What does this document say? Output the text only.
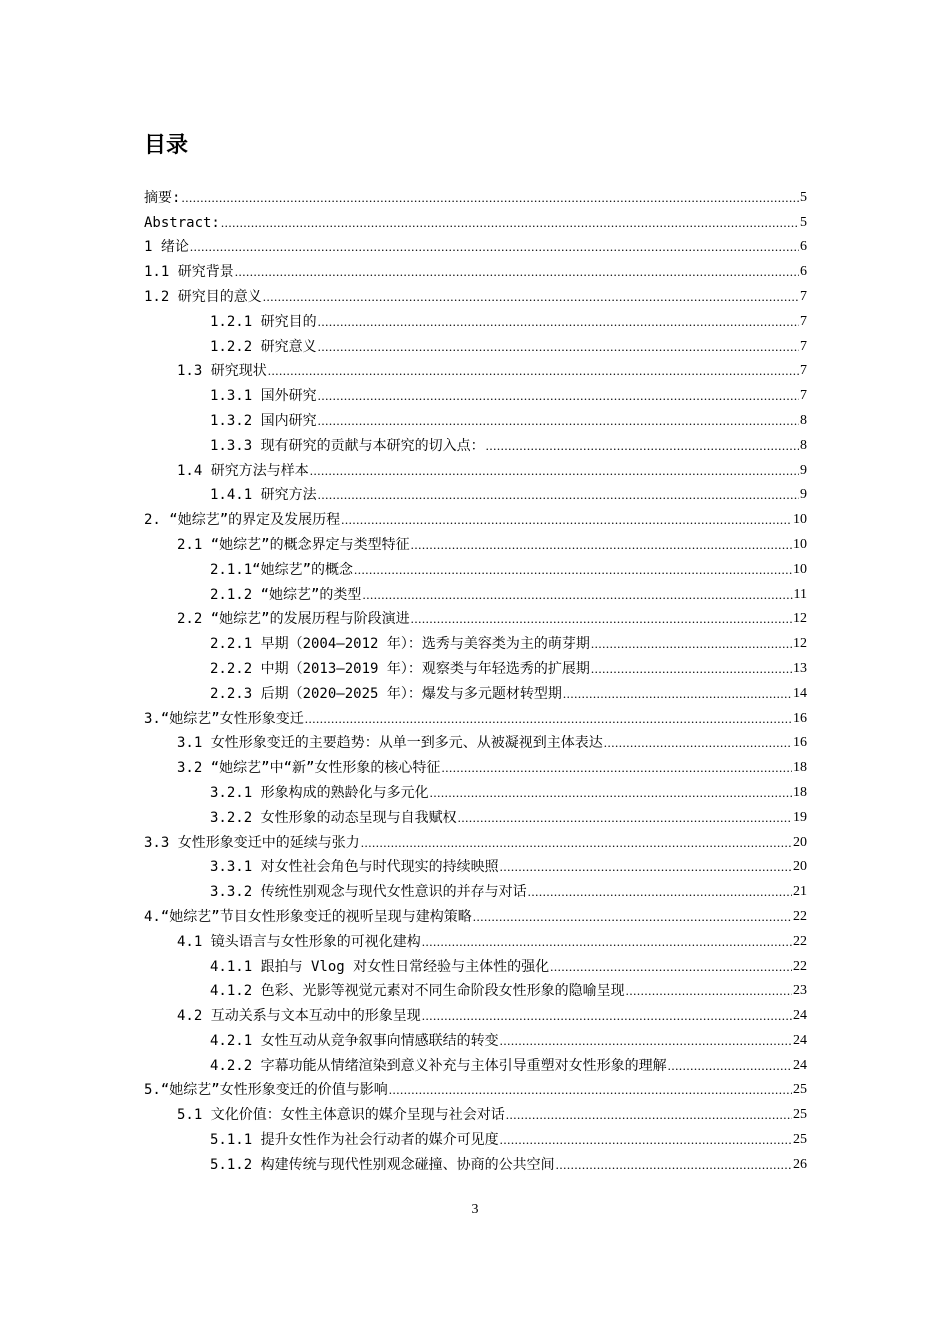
目录
摘要: .....	5
Abstract: .....	5
1 绪论 .....	6
1.1 研究背景 .....	6
1.2 研究目的意义 .....	7
1.2.1 研究目的 .....	7
1.2.2 研究意义 .....	7
1.3 研究现状 .....	7
1.3.1 国外研究 .....	7
1.3.2 国内研究 .....	8
1.3.3 现有研究的贡献与本研究的切入点： .....	8
1.4 研究方法与样本 .....	9
1.4.1 研究方法 .....	9
2. “她综艺”的界定及发展历程 .....	10
2.1 “她综艺”的概念界定与类型特征 .....	10
2.1.1“她综艺”的概念 .....	10
2.1.2 “她综艺”的类型 .....	11
2.2 “她综艺”的发展历程与阶段演进 .....	12
2.2.1 早期（2004—2012 年）：选秀与美容类为主的萌芽期 .....	12
2.2.2 中期（2013—2019 年）：观察类与年轻选秀的扩展期 .....	13
2.2.3 后期（2020—2025 年）：爆发与多元题材转型期 .....	14
3.“她综艺”女性形象变迁 .....	16
3.1 女性形象变迁的主要趋势：从单一到多元、从被凝视到主体表达 .....	16
3.2 “她综艺”中“新”女性形象的核心特征 .....	18
3.2.1 形象构成的熟龄化与多元化 .....	18
3.2.2 女性形象的动态呈现与自我赋权 .....	19
3.3 女性形象变迁中的延续与张力 .....	20
3.3.1 对女性社会角色与时代现实的持续映照 .....	20
3.3.2 传统性别观念与现代女性意识的并存与对话 .....	21
4.“她综艺”节目女性形象变迁的视听呈现与建构策略 .....	22
4.1 镜头语言与女性形象的可视化建构 .....	22
4.1.1 跟拍与 Vlog 对女性日常经验与主体性的强化 .....	22
4.1.2 色彩、光影等视觉元素对不同生命阶段女性形象的隐喻呈现 .....	23
4.2 互动关系与文本互动中的形象呈现 .....	24
4.2.1 女性互动从竞争叙事向情感联结的转变 .....	24
4.2.2 字幕功能从情绪渲染到意义补充与主体引导重塑对女性形象的理解 .....	24
5.“她综艺”女性形象变迁的价值与影响 .....	25
5.1 文化价值：女性主体意识的媒介呈现与社会对话 .....	25
5.1.1 提升女性作为社会行动者的媒介可见度 .....	25
5.1.2 构建传统与现代性别观念碰撞、协商的公共空间 .....	26
3
